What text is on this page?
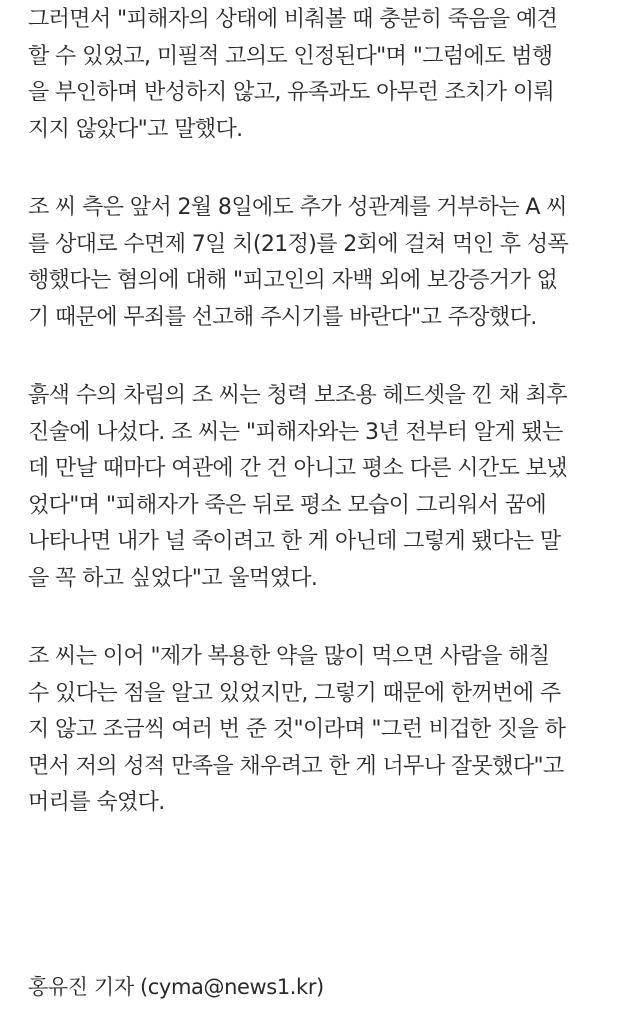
그러면서 "피해자의 상태에 비춰볼 때 충분히 죽음을 예견
할 수 있었고, 미필적 고의도 인정된다"며 "그럼에도 범행
을 부인하며 반성하지 않고, 유족과도 아무런 조치가 이뤄
지지 않았다"고 말했다.
조 씨 측은 앞서 2월 8일에도 추가 성관계를 거부하는 A 씨
를 상대로 수면제 7일 치(21정)를 2회에 걸쳐 먹인 후 성폭
행했다는 혐의에 대해 "피고인의 자백 외에 보강증거가 없
기 때문에 무죄를 선고해 주시기를 바란다"고 주장했다.
흙색 수의 차림의 조 씨는 청력 보조용 헤드셋을 낀 채 최후
진술에 나섰다. 조 씨는 "피해자와는 3년 전부터 알게 됐는
데 만날 때마다 여관에 간 건 아니고 평소 다른 시간도 보냈
었다"며 "피해자가 죽은 뒤로 평소 모습이 그리워서 꿈에
나타나면 내가 널 죽이려고 한 게 아닌데 그렇게 됐다는 말
을 꼭 하고 싶었다"고 울먹였다.
조 씨는 이어 "제가 복용한 약을 많이 먹으면 사람을 해칠
수 있다는 점을 알고 있었지만, 그렇기 때문에 한꺼번에 주
지 않고 조금씩 여러 번 준 것"이라며 "그런 비겁한 짓을 하
면서 저의 성적 만족을 채우려고 한 게 너무나 잘못했다"고
머리를 숙였다.
홍유진 기자 (cyma@news1.kr)
